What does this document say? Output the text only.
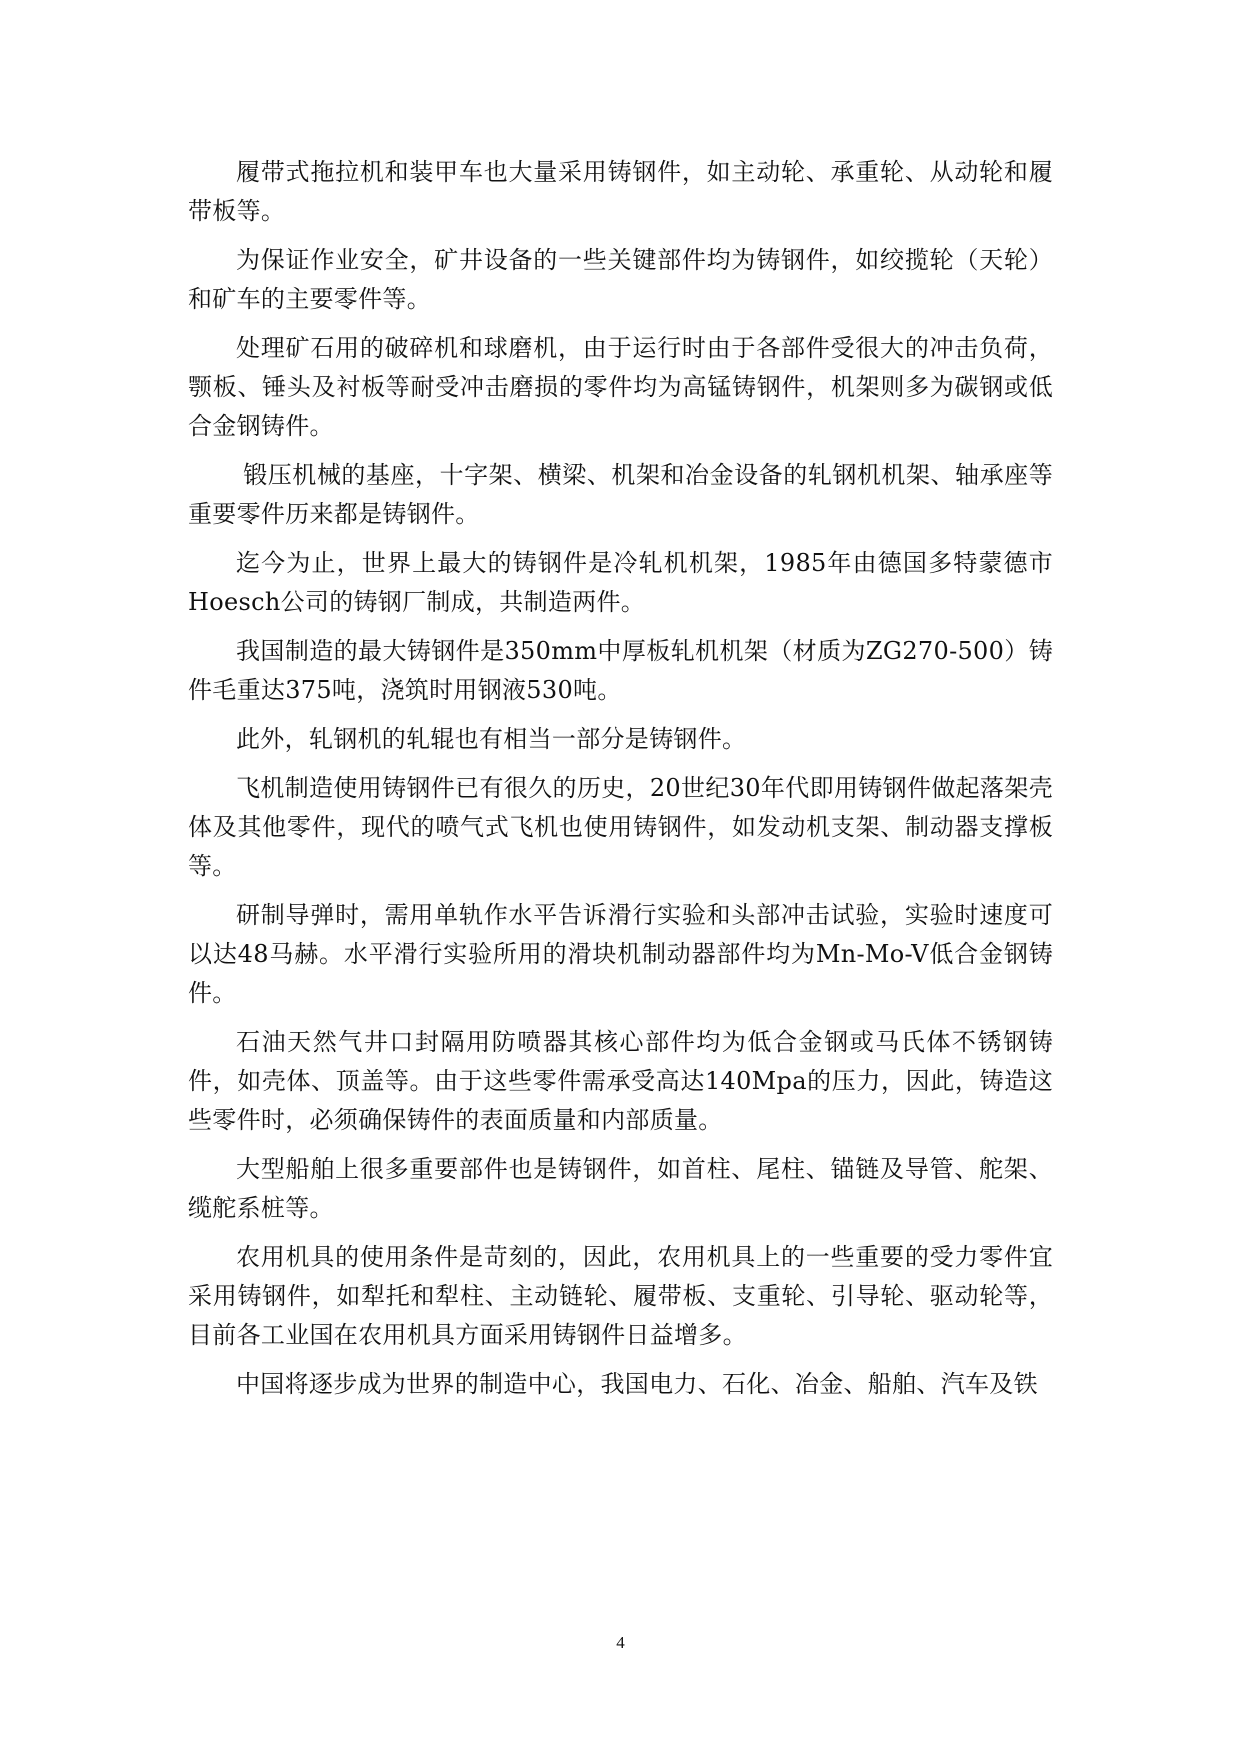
履带式拖拉机和装甲车也大量采用铸钢件，如主动轮、承重轮、从动轮和履带板等。

为保证作业安全，矿井设备的一些关键部件均为铸钢件，如绞揽轮（天轮）和矿车的主要零件等。

处理矿石用的破碎机和球磨机，由于运行时由于各部件受很大的冲击负荷，颚板、锤头及衬板等耐受冲击磨损的零件均为高锰铸钢件，机架则多为碳钢或低合金钢铸件。

锻压机械的基座，十字架、横梁、机架和冶金设备的轧钢机机架、轴承座等重要零件历来都是铸钢件。

迄今为止，世界上最大的铸钢件是冷轧机机架，1985年由德国多特蒙德市Hoesch公司的铸钢厂制成，共制造两件。

我国制造的最大铸钢件是350mm中厚板轧机机架（材质为ZG270-500）铸件毛重达375吨，浇筑时用钢液530吨。

此外，轧钢机的轧辊也有相当一部分是铸钢件。

飞机制造使用铸钢件已有很久的历史，20世纪30年代即用铸钢件做起落架壳体及其他零件，现代的喷气式飞机也使用铸钢件，如发动机支架、制动器支撑板等。

研制导弹时，需用单轨作水平告诉滑行实验和头部冲击试验，实验时速度可以达48马赫。水平滑行实验所用的滑块机制动器部件均为Mn-Mo-V低合金钢铸件。

石油天然气井口封隔用防喷器其核心部件均为低合金钢或马氏体不锈钢铸件，如壳体、顶盖等。由于这些零件需承受高达140Mpa的压力，因此，铸造这些零件时，必须确保铸件的表面质量和内部质量。

大型船舶上很多重要部件也是铸钢件，如首柱、尾柱、锚链及导管、舵架、缆舵系桩等。

农用机具的使用条件是苛刻的，因此，农用机具上的一些重要的受力零件宜采用铸钢件，如犁托和犁柱、主动链轮、履带板、支重轮、引导轮、驱动轮等，目前各工业国在农用机具方面采用铸钢件日益增多。

中国将逐步成为世界的制造中心，我国电力、石化、冶金、船舶、汽车及铁

4
